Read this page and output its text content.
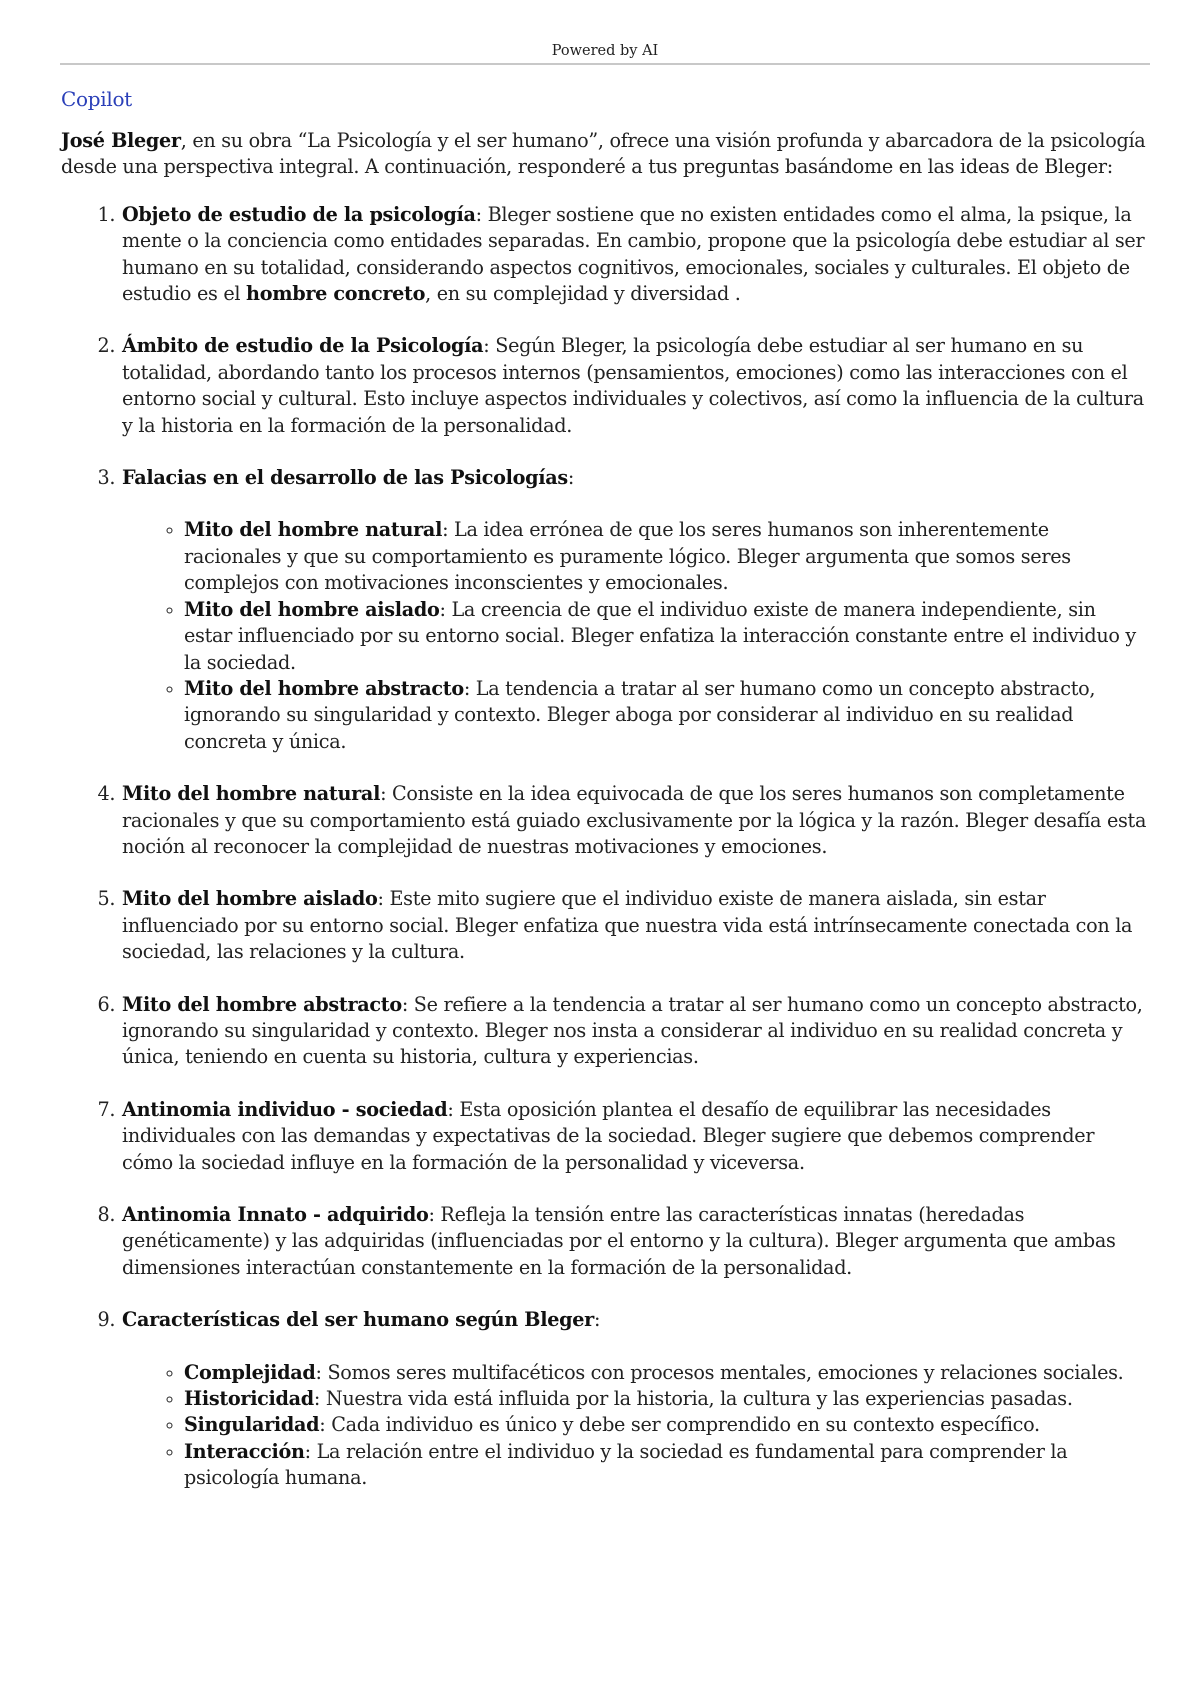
Powered by AI
Copilot

José Bleger, en su obra “La Psicología y el ser humano”, ofrece una visión profunda y abarcadora de la psicología desde una perspectiva integral. A continuación, responderé a tus preguntas basándome en las ideas de Bleger:

1. Objeto de estudio de la psicología: Bleger sostiene que no existen entidades como el alma, la psique, la mente o la conciencia como entidades separadas. En cambio, propone que la psicología debe estudiar al ser humano en su totalidad, considerando aspectos cognitivos, emocionales, sociales y culturales. El objeto de estudio es el hombre concreto, en su complejidad y diversidad .
2. Ámbito de estudio de la Psicología: Según Bleger, la psicología debe estudiar al ser humano en su totalidad, abordando tanto los procesos internos (pensamientos, emociones) como las interacciones con el entorno social y cultural. Esto incluye aspectos individuales y colectivos, así como la influencia de la cultura y la historia en la formación de la personalidad.
3. Falacias en el desarrollo de las Psicologías:
◦ Mito del hombre natural: La idea errónea de que los seres humanos son inherentemente racionales y que su comportamiento es puramente lógico. Bleger argumenta que somos seres complejos con motivaciones inconscientes y emocionales.
◦ Mito del hombre aislado: La creencia de que el individuo existe de manera independiente, sin estar influenciado por su entorno social. Bleger enfatiza la interacción constante entre el individuo y la sociedad.
◦ Mito del hombre abstracto: La tendencia a tratar al ser humano como un concepto abstracto, ignorando su singularidad y contexto. Bleger aboga por considerar al individuo en su realidad concreta y única.
4. Mito del hombre natural: Consiste en la idea equivocada de que los seres humanos son completamente racionales y que su comportamiento está guiado exclusivamente por la lógica y la razón. Bleger desafía esta noción al reconocer la complejidad de nuestras motivaciones y emociones.
5. Mito del hombre aislado: Este mito sugiere que el individuo existe de manera aislada, sin estar influenciado por su entorno social. Bleger enfatiza que nuestra vida está intrínsecamente conectada con la sociedad, las relaciones y la cultura.
6. Mito del hombre abstracto: Se refiere a la tendencia a tratar al ser humano como un concepto abstracto, ignorando su singularidad y contexto. Bleger nos insta a considerar al individuo en su realidad concreta y única, teniendo en cuenta su historia, cultura y experiencias.
7. Antinomia individuo - sociedad: Esta oposición plantea el desafío de equilibrar las necesidades individuales con las demandas y expectativas de la sociedad. Bleger sugiere que debemos comprender cómo la sociedad influye en la formación de la personalidad y viceversa.
8. Antinomia Innato - adquirido: Refleja la tensión entre las características innatas (heredadas genéticamente) y las adquiridas (influenciadas por el entorno y la cultura). Bleger argumenta que ambas dimensiones interactúan constantemente en la formación de la personalidad.
9. Características del ser humano según Bleger:
◦ Complejidad: Somos seres multifacéticos con procesos mentales, emociones y relaciones sociales.
◦ Historicidad: Nuestra vida está influida por la historia, la cultura y las experiencias pasadas.
◦ Singularidad: Cada individuo es único y debe ser comprendido en su contexto específico.
◦ Interacción: La relación entre el individuo y la sociedad es fundamental para comprender la psicología humana.
